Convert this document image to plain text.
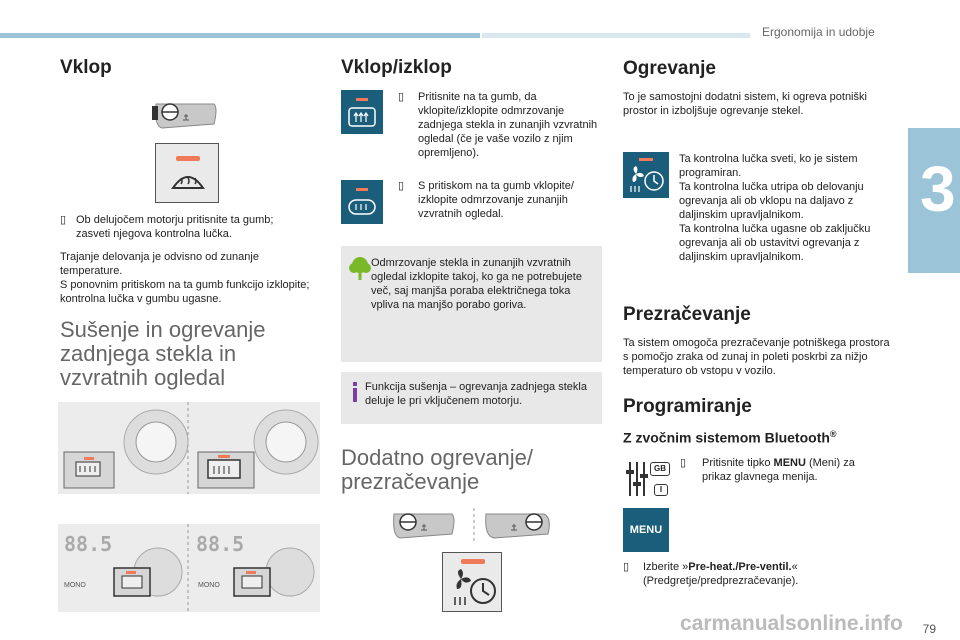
Ergonomija in udobje
3
Vklop
▯ Ob delujočem motorju pritisnite ta gumb; zasveti njegova kontrolna lučka.
Trajanje delovanja je odvisno od zunanje temperature.
S ponovnim pritiskom na ta gumb funkcijo izklopite; kontrolna lučka v gumbu ugasne.
Sušenje in ogrevanje
zadnjega stekla in
vzvratnih ogledal
88.5	88.5
MONO	MONO
Vklop/izklop
▯ Pritisnite na ta gumb, da vklopite/izklopite odmrzovanje zadnjega stekla in zunanjih vzvratnih ogledal (če je vaše vozilo z njim opremljeno).
▯ S pritiskom na ta gumb vklopite/ izklopite odmrzovanje zunanjih vzvratnih ogledal.
Odmrzovanje stekla in zunanjih vzvratnih ogledal izklopite takoj, ko ga ne potrebujete več, saj manjša poraba električnega toka vpliva na manjšo porabo goriva.
Funkcija sušenja – ogrevanja zadnjega stekla deluje le pri vključenem motorju.
Dodatno ogrevanje/
prezračevanje
Ogrevanje
To je samostojni dodatni sistem, ki ogreva potniški prostor in izboljšuje ogrevanje stekel.
Ta kontrolna lučka sveti, ko je sistem programiran.
Ta kontrolna lučka utripa ob delovanju ogrevanja ali ob vklopu na daljavo z daljinskim upravljalnikom.
Ta kontrolna lučka ugasne ob zaključku ogrevanja ali ob ustavitvi ogrevanja z daljinskim upravljalnikom.
Prezračevanje
Ta sistem omogoča prezračevanje potniškega prostora s pomočjo zraka od zunaj in poleti poskrbi za nižjo temperaturo ob vstopu v vozilo.
Programiranje
Z zvočnim sistemom Bluetooth®
GB
I
▯ Pritisnite tipko MENU (Meni) za prikaz glavnega menija.
MENU
▯ Izberite »Pre-heat./Pre-ventil.« (Predgretje/predprezračevanje).
carmanualsonline.info 79
